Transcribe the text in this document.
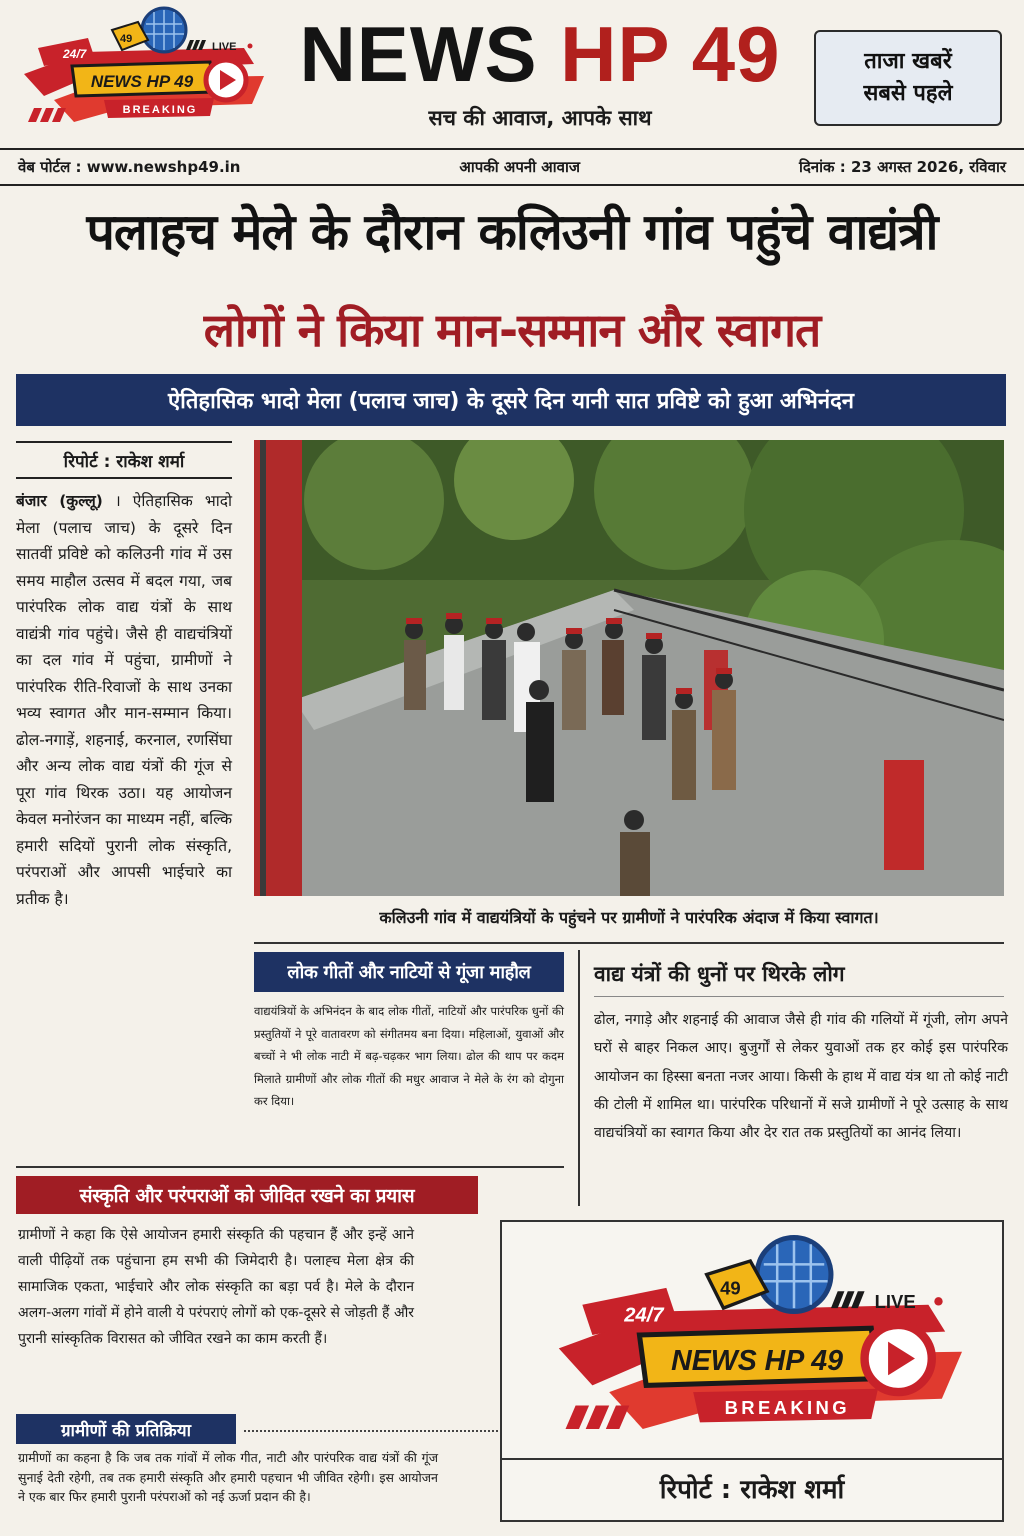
24/7
49
LIVE
NEWS HP 49
BREAKING
NEWS HP 49
सच की आवाज, आपके साथ
ताजा खबरें
सबसे पहले
वेब पोर्टल : www.newshp49.in	आपकी अपनी आवाज	दिनांक : 23 अगस्त 2026, रविवार
पलाहच मेले के दौरान कलिउनी गांव पहुंचे वाद्यंत्री
लोगों ने किया मान-सम्मान और स्वागत
ऐतिहासिक भादो मेला (पलाच जाच) के दूसरे दिन यानी सात प्रविष्टे को हुआ अभिनंदन
रिपोर्ट : राकेश शर्मा
बंजार (कुल्लू) । ऐतिहासिक भादो मेला (पलाच जाच) के दूसरे दिन सातवीं प्रविष्टे को कलिउनी गांव में उस समय माहौल उत्सव में बदल गया, जब पारंपरिक लोक वाद्य यंत्रों के साथ वाद्यंत्री गांव पहुंचे। जैसे ही वाद्यचंत्रियों का दल गांव में पहुंचा, ग्रामीणों ने पारंपरिक रीति-रिवाजों के साथ उनका भव्य स्वागत और मान-सम्मान किया। ढोल-नगाड़ें, शहनाई, करनाल, रणसिंघा और अन्य लोक वाद्य यंत्रों की गूंज से पूरा गांव थिरक उठा। यह आयोजन केवल मनोरंजन का माध्यम नहीं, बल्कि हमारी सदियों पुरानी लोक संस्कृति, परंपराओं और आपसी भाईचारे का प्रतीक है।
कलिउनी गांव में वाद्ययंत्रियों के पहुंचने पर ग्रामीणों ने पारंपरिक अंदाज में किया स्वागत।
लोक गीतों और नाटियों से गूंजा माहौल
वाद्ययंत्रियों के अभिनंदन के बाद लोक गीतों, नाटियों और पारंपरिक धुनों की प्रस्तुतियों ने पूरे वातावरण को संगीतमय बना दिया। महिलाओं, युवाओं और बच्चों ने भी लोक नाटी में बढ़-चढ़कर भाग लिया। ढोल की थाप पर कदम मिलाते ग्रामीणों और लोक गीतों की मधुर आवाज ने मेले के रंग को दोगुना कर दिया।
वाद्य यंत्रों की धुनों पर थिरके लोग
ढोल, नगाड़े और शहनाई की आवाज जैसे ही गांव की गलियों में गूंजी, लोग अपने घरों से बाहर निकल आए। बुजुर्गों से लेकर युवाओं तक हर कोई इस पारंपरिक आयोजन का हिस्सा बनता नजर आया। किसी के हाथ में वाद्य यंत्र था तो कोई नाटी की टोली में शामिल था। पारंपरिक परिधानों में सजे ग्रामीणों ने पूरे उत्साह के साथ वाद्यचंत्रियों का स्वागत किया और देर रात तक प्रस्तुतियों का आनंद लिया।
संस्कृति और परंपराओं को जीवित रखने का प्रयास
ग्रामीणों ने कहा कि ऐसे आयोजन हमारी संस्कृति की पहचान हैं और इन्हें आने वाली पीढ़ियों तक पहुंचाना हम सभी की जिमेदारी है। पलाह्च मेला क्षेत्र की सामाजिक एकता, भाईचारे और लोक संस्कृति का बड़ा पर्व है। मेले के दौरान अलग-अलग गांवों में होने वाली ये परंपराएं लोगों को एक-दूसरे से जोड़ती हैं और पुरानी सांस्कृतिक विरासत को जीवित रखने का काम करती हैं।
ग्रामीणों की प्रतिक्रिया
ग्रामीणों का कहना है कि जब तक गांवों में लोक गीत, नाटी और पारंपरिक वाद्य यंत्रों की गूंज सुनाई देती रहेगी, तब तक हमारी संस्कृति और हमारी पहचान भी जीवित रहेगी। इस आयोजन ने एक बार फिर हमारी पुरानी परंपराओं को नई ऊर्जा प्रदान की है।
24/7
49
LIVE
NEWS HP 49
BREAKING
रिपोर्ट : राकेश शर्मा
